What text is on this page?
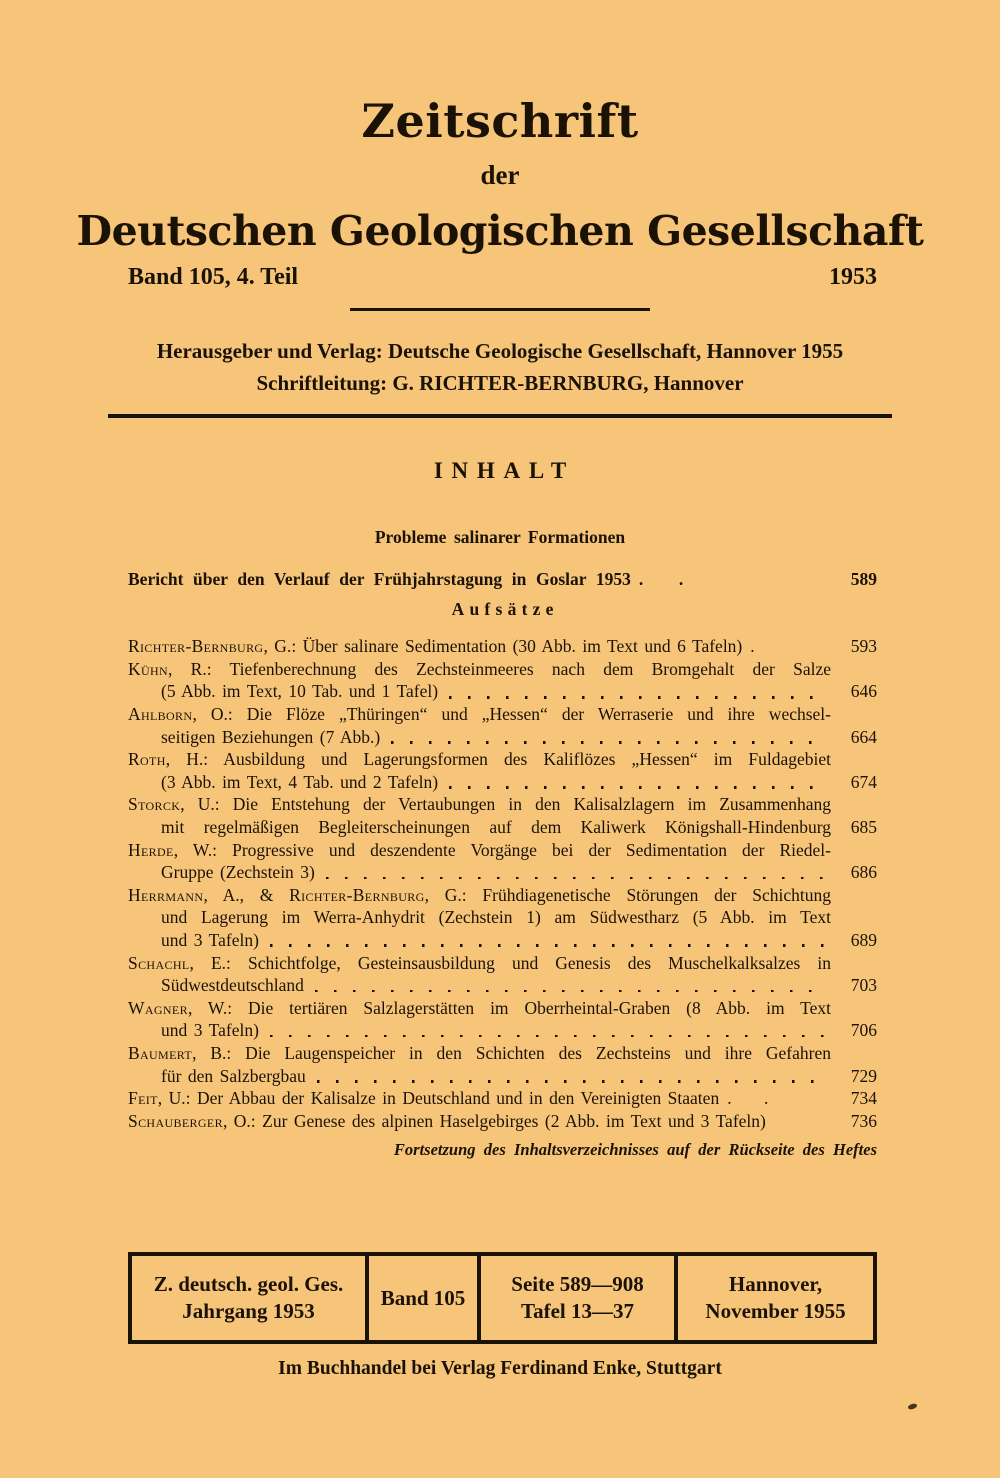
Zeitschrift
der
Deutschen Geologischen Gesellschaft
Band 105, 4. Teil	1953
Herausgeber und Verlag: Deutsche Geologische Gesellschaft, Hannover 1955
Schriftleitung: G. RICHTER-BERNBURG, Hannover
INHALT
Probleme salinarer Formationen
Bericht über den Verlauf der Frühjahrstagung in Goslar 1953 . .	589
Aufsätze
Richter-Bernburg, G.: Über salinare Sedimentation (30 Abb. im Text und 6 Tafeln) .	593
Kühn, R.: Tiefenberechnung des Zechsteinmeeres nach dem Bromgehalt der Salze
(5 Abb. im Text, 10 Tab. und 1 Tafel)	646
Ahlborn, O.: Die Flöze „Thüringen“ und „Hessen“ der Werraserie und ihre wechsel-
seitigen Beziehungen (7 Abb.)	664
Roth, H.: Ausbildung und Lagerungsformen des Kaliflözes „Hessen“ im Fuldagebiet
(3 Abb. im Text, 4 Tab. und 2 Tafeln)	674
Storck, U.: Die Entstehung der Vertaubungen in den Kalisalzlagern im Zusammenhang
mit regelmäßigen Begleiterscheinungen auf dem Kaliwerk Königshall-Hindenburg	685
Herde, W.: Progressive und deszendente Vorgänge bei der Sedimentation der Riedel-
Gruppe (Zechstein 3)	686
Herrmann, A., & Richter-Bernburg, G.: Frühdiagenetische Störungen der Schichtung
und Lagerung im Werra-Anhydrit (Zechstein 1) am Südwestharz (5 Abb. im Text
und 3 Tafeln)	689
Schachl, E.: Schichtfolge, Gesteinsausbildung und Genesis des Muschelkalksalzes in
Südwestdeutschland	703
Wagner, W.: Die tertiären Salzlagerstätten im Oberrheintal-Graben (8 Abb. im Text
und 3 Tafeln)	706
Baumert, B.: Die Laugenspeicher in den Schichten des Zechsteins und ihre Gefahren
für den Salzbergbau	729
Feit, U.: Der Abbau der Kalisalze in Deutschland und in den Vereinigten Staaten . .	734
Schauberger, O.: Zur Genese des alpinen Haselgebirges (2 Abb. im Text und 3 Tafeln)	736
Fortsetzung des Inhaltsverzeichnisses auf der Rückseite des Heftes
Z. deutsch. geol. Ges.
Jahrgang 1953
Band 105
Seite 589—908
Tafel 13—37
Hannover,
November 1955
Im Buchhandel bei Verlag Ferdinand Enke, Stuttgart
